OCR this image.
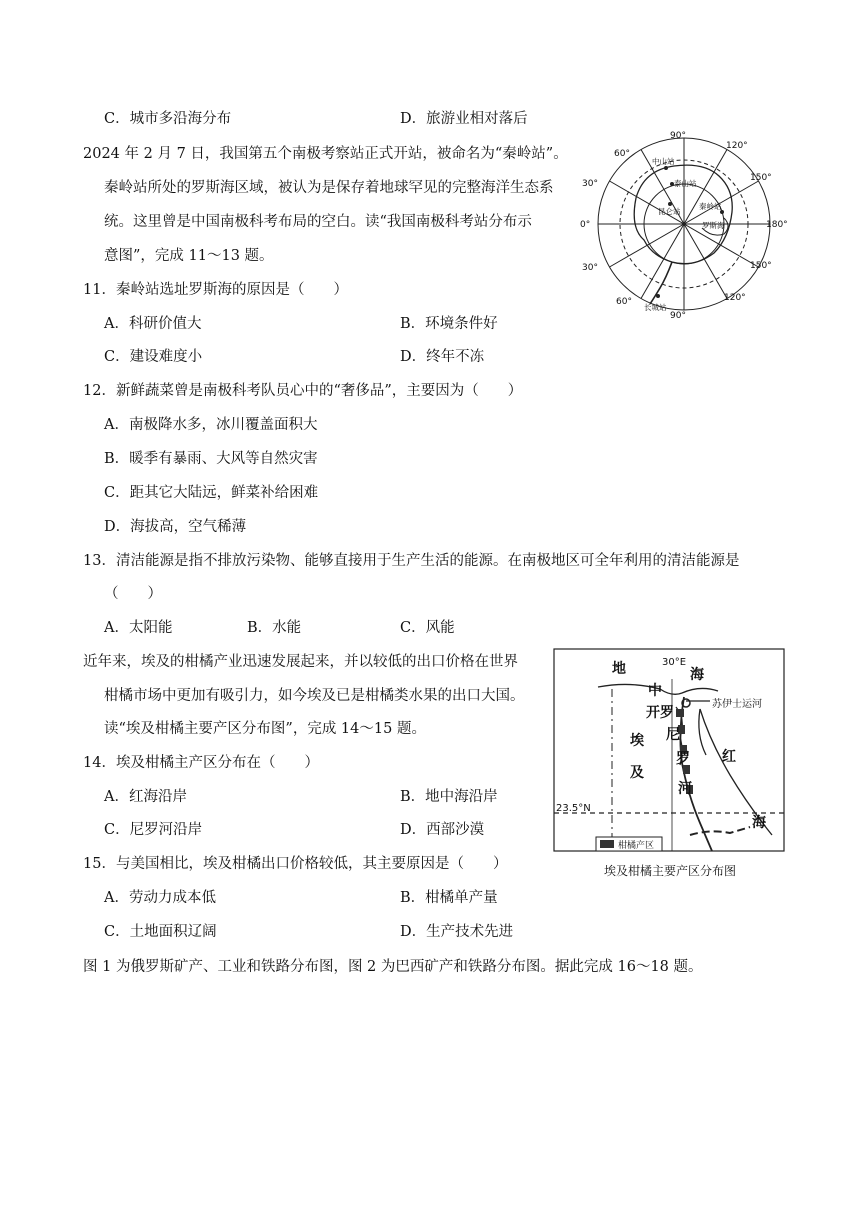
C．城市多沿海分布	D．旅游业相对落后
2024 年 2 月 7 日，我国第五个南极考察站正式开站，被命名为“秦岭站”。
秦岭站所处的罗斯海区域，被认为是保存着地球罕见的完整海洋生态系
统。这里曾是中国南极科考布局的空白。读“我国南极科考站分布示
意图”，完成 11～13 题。
11．秦岭站选址罗斯海的原因是（　　）
A．科研价值大	B．环境条件好
C．建设难度小	D．终年不冻
12．新鲜蔬菜曾是南极科考队员心中的“奢侈品”，主要因为（　　）
A．南极降水多，冰川覆盖面积大
B．暖季有暴雨、大风等自然灾害
C．距其它大陆远，鲜菜补给困难
D．海拔高，空气稀薄
13．清洁能源是指不排放污染物、能够直接用于生产生活的能源。在南极地区可全年利用的清洁能源是
（　　）
A．太阳能	B．水能	C．风能
近年来，埃及的柑橘产业迅速发展起来，并以较低的出口价格在世界
柑橘市场中更加有吸引力，如今埃及已是柑橘类水果的出口大国。
读“埃及柑橘主要产区分布图”，完成 14～15 题。
14．埃及柑橘主产区分布在（　　）
A．红海沿岸	B．地中海沿岸
C．尼罗河沿岸	D．西部沙漠
15．与美国相比，埃及柑橘出口价格较低，其主要原因是（　　）
A．劳动力成本低	B．柑橘单产量
C．土地面积辽阔	D．生产技术先进
图 1 为俄罗斯矿产、工业和铁路分布图，图 2 为巴西矿产和铁路分布图。据此完成 16～18 题。
90°
90°
60°
30°
0°
30°
60°
120°
150°
180°
150°
120°
中山站
泰山站
昆仑站
秦岭站
罗斯海
长城站
地
中
海
开 罗
埃
及
尼
罗
河
红
海
30°E
苏伊士运河
23.5°N
柑橘产区
埃及柑橘主要产区分布图
